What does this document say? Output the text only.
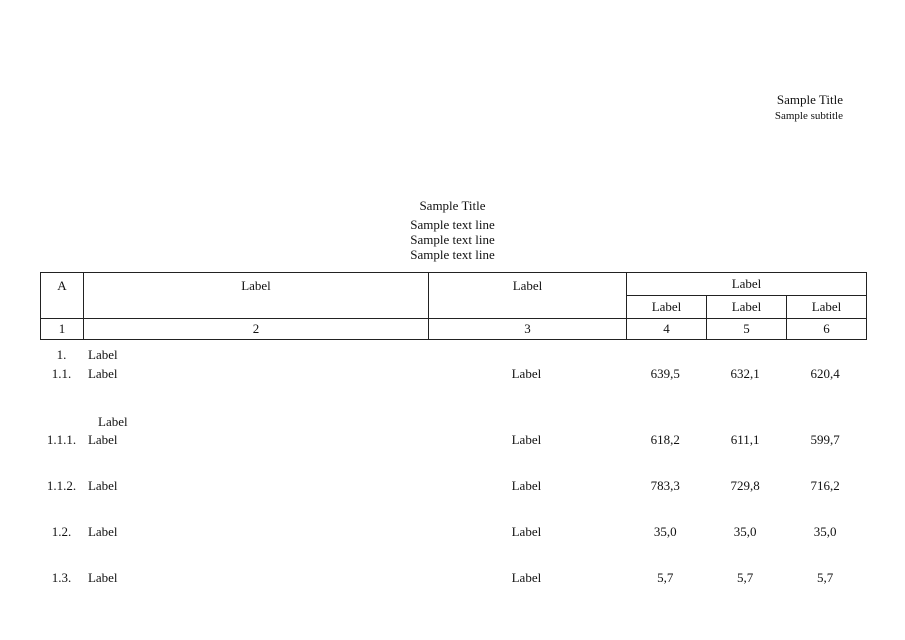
Sample Title
Sample subtitle
Sample Title
Sample text line
Sample text line
Sample text line
A	Label	Label	Label		
			Label	Label	Label
1	2	3	4	5	6
1.	Label
1.1.	Label	Label	639,5	632,1	620,4
Label
1.1.1. Label	Label	618,2	611,1	599,7
1.1.2. Label	Label	783,3	729,8	716,2
1.2.	Label	Label	35,0	35,0	35,0
1.3.	Label	Label	5,7	5,7	5,7
